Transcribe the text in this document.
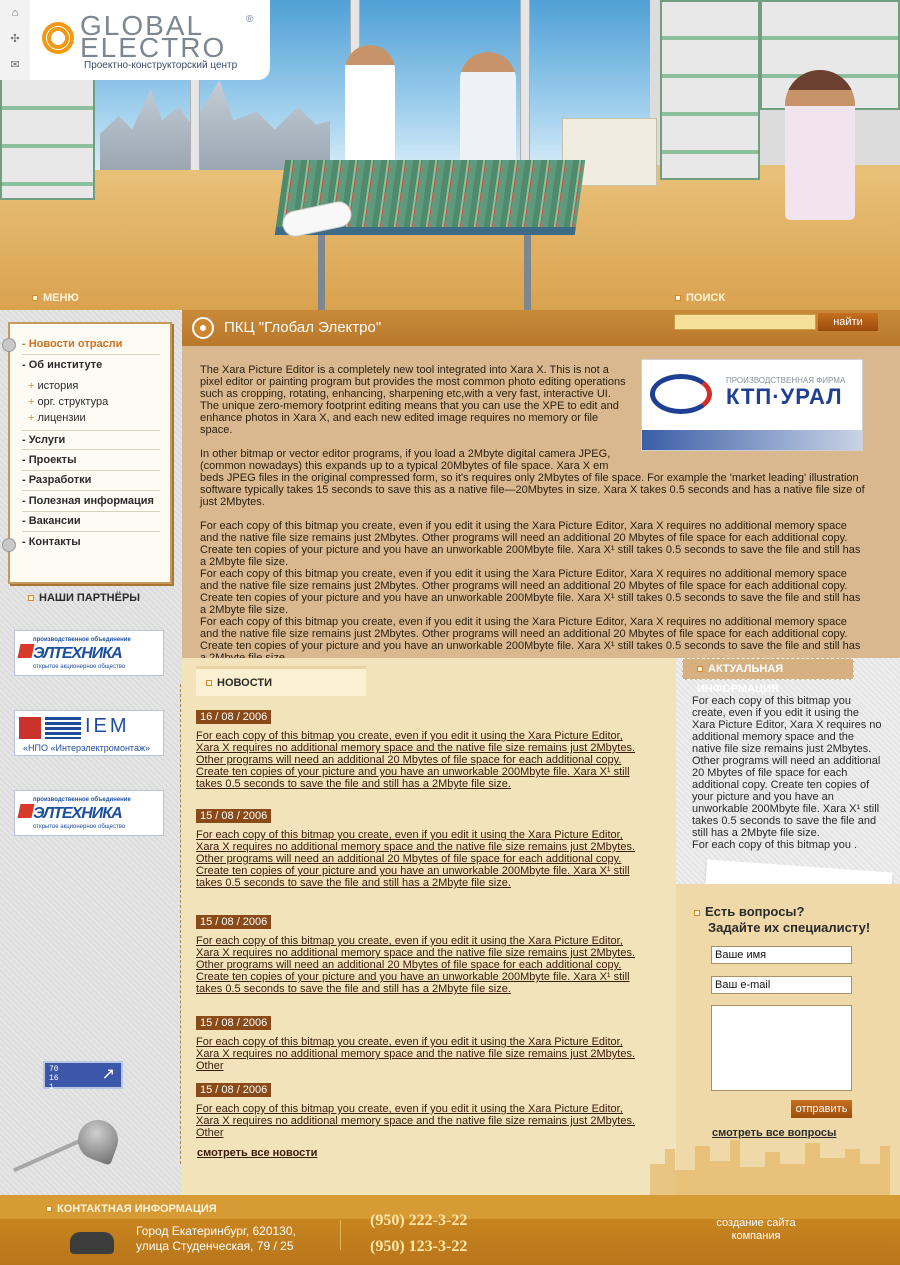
⌂
✣
✉
GLOBAL
ELECTRO
®
Проектно-конструкторский центр
МЕНЮ	ПОИСК
ПКЦ "Глобал Электро"	найти
- Новости отрасли
- Об институте
+ история
+ орг. структура
+ лицензии
- Услуги
- Проекты
- Разработки
- Полезная информация
- Вакансии
- Контакты
НАШИ ПАРТНЁРЫ
производственное объединение
ЭЛТЕХНИКА
открытое акционерное общество
IEM
«НПО «Интерэлектромонтаж»
производственное объединение
ЭЛТЕХНИКА
открытое акционерное общество
70
16
1
↗

The Xara Picture Editor is a completely new tool integrated into Xara X. This is not a pixel editor or painting program but provides the most common photo editing operations such as cropping, rotating, enhancing, sharpening etc,with a very fast, interactive UI. The unique zero-memory footprint editing means that you can use the XPE to edit and enhance photos in Xara X, and each new edited image requires no memory or file space.

In other bitmap or vector editor programs, if you load a 2Mbyte digital camera JPEG, (common nowadays) this expands up to a typical 20Mbytes of file space. Xara X em

beds JPEG files in the original compressed form, so it's requires only 2Mbytes of file space. For example the 'market leading' illustration software typically takes 15 seconds to save this as a native file—20Mbytes in size. Xara X takes 0.5 seconds and has a native file size of just 2Mbytes.

For each copy of this bitmap you create, even if you edit it using the Xara Picture Editor, Xara X requires no additional memory space and the native file size remains just 2Mbytes. Other programs will need an additional 20 Mbytes of file space for each additional copy. Create ten copies of your picture and you have an unworkable 200Mbyte file. Xara X¹ still takes 0.5 seconds to save the file and still has a 2Mbyte file size.

For each copy of this bitmap you create, even if you edit it using the Xara Picture Editor, Xara X requires no additional memory space and the native file size remains just 2Mbytes. Other programs will need an additional 20 Mbytes of file space for each additional copy. Create ten copies of your picture and you have an unworkable 200Mbyte file. Xara X¹ still takes 0.5 seconds to save the file and still has a 2Mbyte file size.

For each copy of this bitmap you create, even if you edit it using the Xara Picture Editor, Xara X requires no additional memory space and the native file size remains just 2Mbytes. Other programs will need an additional 20 Mbytes of file space for each additional copy. Create ten copies of your picture and you have an unworkable 200Mbyte file. Xara X¹ still takes 0.5 seconds to save the file and still has

ПРОИЗВОДСТВЕННАЯ ФИРМА
КТП·УРАЛ
НОВОСТИ
16 / 08 / 2006
For each copy of this bitmap you create, even if you edit it using the Xara Picture Editor, Xara X requires no additional memory space and the native file size remains just 2Mbytes. Other programs will need an additional 20 Mbytes of file space for each additional copy. Create ten copies of your picture and you have an unworkable 200Mbyte file. Xara X¹ still takes 0.5 seconds to save the file and still has a 2Mbyte file size.
15 / 08 / 2006
For each copy of this bitmap you create, even if you edit it using the Xara Picture Editor, Xara X requires no additional memory space and the native file size remains just 2Mbytes. Other programs will need an additional 20 Mbytes of file space for each additional copy. Create ten copies of your picture and you have an unworkable 200Mbyte file. Xara X¹ still takes 0.5 seconds to save the file and still has a 2Mbyte file size.
15 / 08 / 2006
For each copy of this bitmap you create, even if you edit it using the Xara Picture Editor, Xara X requires no additional memory space and the native file size remains just 2Mbytes. Other programs will need an additional 20 Mbytes of file space for each additional copy. Create ten copies of your picture and you have an unworkable 200Mbyte file. Xara X¹ still takes 0.5 seconds to save the file and still has a 2Mbyte file size.
15 / 08 / 2006
For each copy of this bitmap you create, even if you edit it using the Xara Picture Editor, Xara X requires no additional memory space and the native file size remains just 2Mbytes. Other
15 / 08 / 2006
For each copy of this bitmap you create, even if you edit it using the Xara Picture Editor, Xara X requires no additional memory space and the native file size remains just 2Mbytes. Other
смотреть все новости
АКТУАЛЬНАЯ ИНФОРМАЦИЯ
For each copy of this bitmap you create, even if you edit it using the Xara Picture Editor, Xara X requires no additional memory space and the native file size remains just 2Mbytes. Other programs will need an additional 20 Mbytes of file space for each additional copy. Create ten copies of your picture and you have an unworkable 200Mbyte file. Xara X¹ still takes 0.5 seconds to save the file and still has a 2Mbyte file size.
For each copy of this bitmap you .
Есть вопросы?
Задайте их специалисту!
Ваше имя
Ваш e-mail
отправить
смотреть все вопросы
КОНТАКТНАЯ ИНФОРМАЦИЯ
Город Екатеринбург, 620130,
улица Студенческая, 79 / 25
(950) 222-3-22
(950) 123-3-22
создание сайта
компания
